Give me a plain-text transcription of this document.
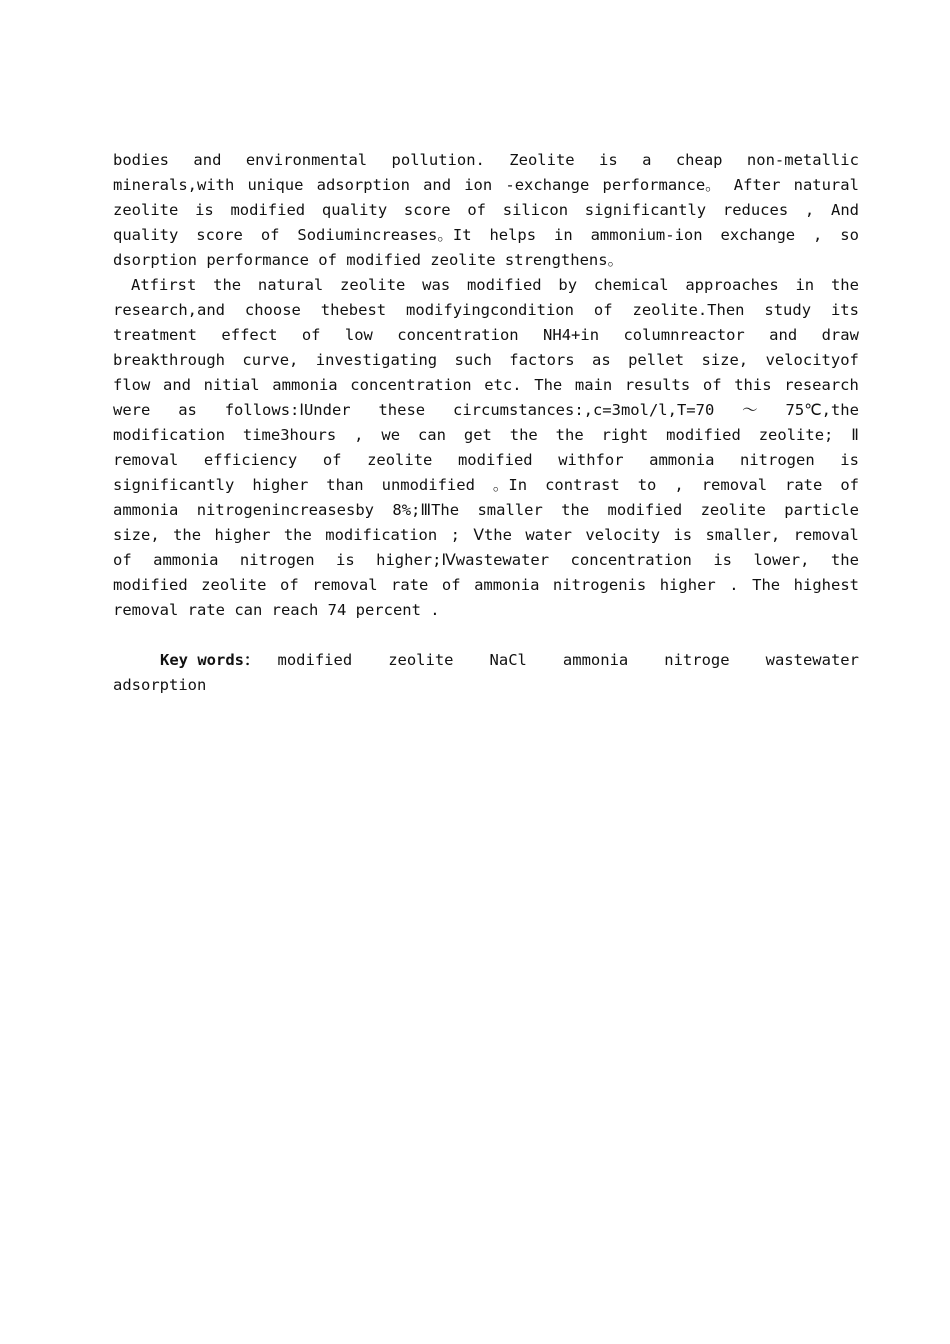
bodies and environmental pollution. Zeolite is a cheap non-metallic
minerals,with unique adsorption and ion -exchange performance。 After natural
zeolite is modified quality score of silicon significantly reduces , And
quality score of Sodiumincreases。It helps in ammonium-ion exchange , so
dsorption performance of modified zeolite strengthens。
Atfirst the natural zeolite was modified by chemical approaches in the
research,and choose thebest modifyingcondition of zeolite.Then study its
treatment effect of low concentration NH4+in columnreactor and draw
breakthrough curve, investigating such factors as pellet size, velocityof
flow and nitial ammonia concentration etc. The main results of this research
were as follows:ⅠUnder these circumstances:,c=3mol/l,T=70 ～ 75℃,the
modification time3hours , we can get the the right modified zeolite; Ⅱ
removal efficiency of zeolite modified withfor ammonia nitrogen is
significantly higher than unmodified 。In contrast to , removal rate of
ammonia nitrogenincreasesby 8%;ⅢThe smaller the modified zeolite particle
size, the higher the modification ; Ⅴthe water velocity is smaller, removal
of ammonia nitrogen is higher;Ⅳwastewater concentration is lower, the
modified zeolite of removal rate of ammonia nitrogenis higher . The highest
removal rate can reach 74 percent .
Key words： modified zeolite NaCl ammonia nitroge wastewater
adsorption
